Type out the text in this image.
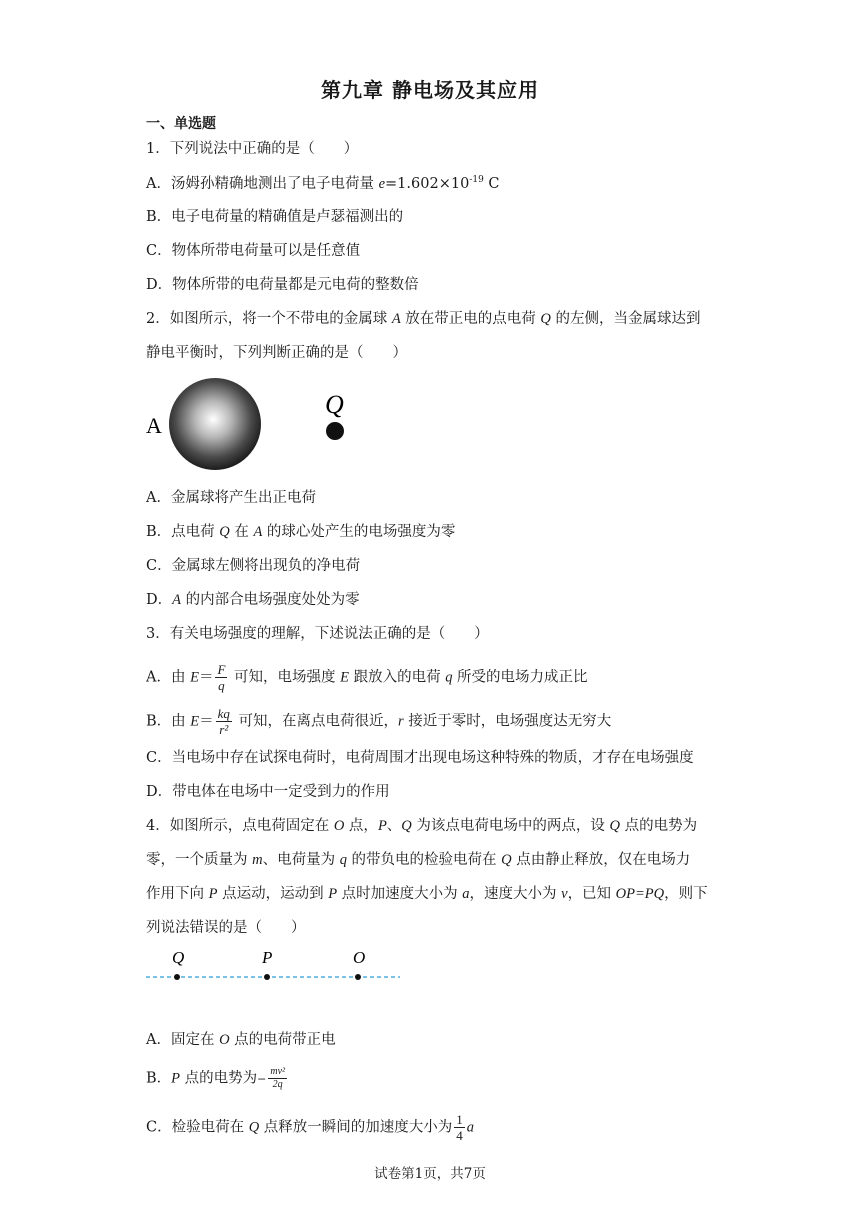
第九章 静电场及其应用
一、单选题
1．下列说法中正确的是（　　）
A．汤姆孙精确地测出了电子电荷量 $e=1.602\times 10^{-19}$ C
B．电子电荷量的精确值是卢瑟福测出的
C．物体所带电荷量可以是任意值
D．物体所带的电荷量都是元电荷的整数倍
2．如图所示，将一个不带电的金属球 A 放在带正电的点电荷 Q 的左侧，当金属球达到
静电平衡时，下列判断正确的是（　　）
A
Q
A．金属球将产生出正电荷
B．点电荷 Q 在 A 的球心处产生的电场强度为零
C．金属球左侧将出现负的净电荷
D．A 的内部合电场强度处处为零
3．有关电场强度的理解，下述说法正确的是（　　）
A．由 $E= \frac{F}{q}$ 可知，电场强度 E 跟放入的电荷 q 所受的电场力成正比
B．由 $E= \frac{kq}{\text{r²}}$ 可知，在离点电荷很近，r 接近于零时，电场强度达无穷大
C．当电场中存在试探电荷时，电荷周围才出现电场这种特殊的物质，才存在电场强度
D．带电体在电场中一定受到力的作用
4．如图所示，点电荷固定在 O 点，P、Q 为该点电荷电场中的两点，设 Q 点的电势为
零，一个质量为 m、电荷量为 q 的带负电的检验电荷在 Q 点由静止释放，仅在电场力
作用下向 P 点运动，运动到 P 点时加速度大小为 a，速度大小为 v，已知 OP=PQ，则下
列说法错误的是（　　）
Q	P	O
A．固定在 O 点的电荷带正电
B．P 点的电势为− $\frac{\text{mv²}}{2q}$
C．检验电荷在 Q 点释放一瞬间的加速度大小为 $\frac{1}{4}$ a
试卷第1页，共7页
